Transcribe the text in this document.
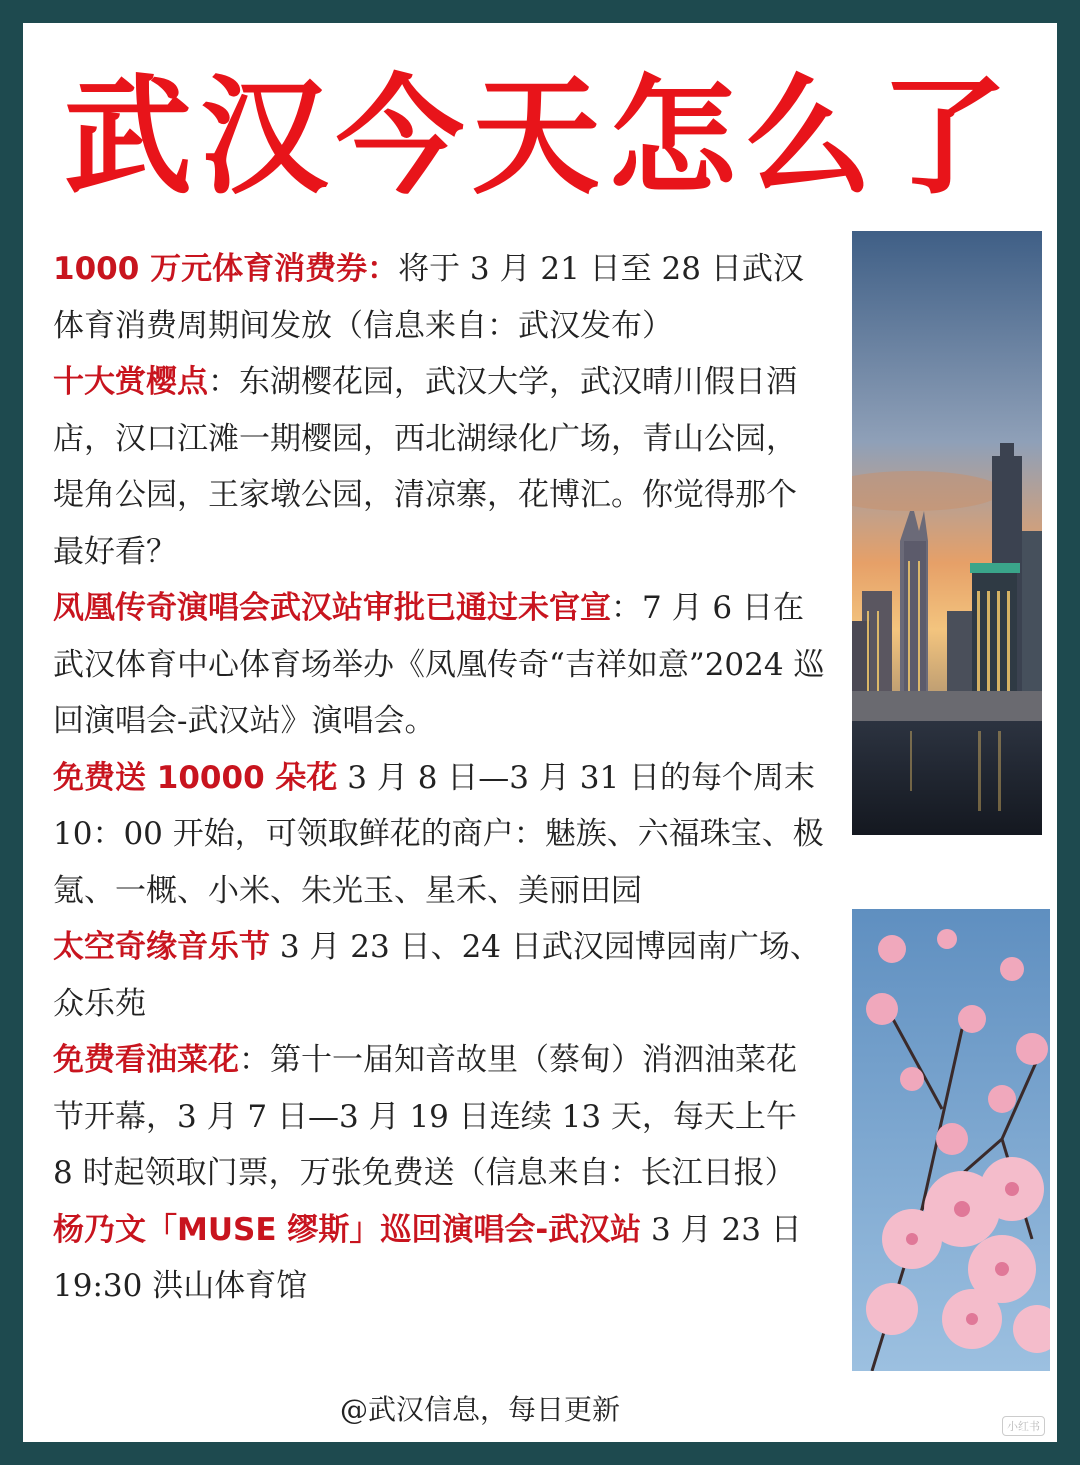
武汉今天怎么了

1000 万元体育消费券：将于 3 月 21 日至 28 日武汉体育消费周期间发放（信息来自：武汉发布）

十大赏樱点：东湖樱花园，武汉大学，武汉晴川假日酒店，汉口江滩一期樱园，西北湖绿化广场，青山公园，堤角公园，王家墩公园，清凉寨，花博汇。你觉得那个最好看？

凤凰传奇演唱会武汉站审批已通过未官宣：7 月 6 日在武汉体育中心体育场举办《凤凰传奇“吉祥如意”2024 巡回演唱会-武汉站》演唱会。

免费送 10000 朵花 3 月 8 日—3 月 31 日的每个周末 10：00 开始，可领取鲜花的商户：魅族、六福珠宝、极氪、一概、小米、朱光玉、星禾、美丽田园

太空奇缘音乐节 3 月 23 日、24 日武汉园博园南广场、众乐苑

免费看油菜花：第十一届知音故里（蔡甸）消泗油菜花节开幕，3 月 7 日—3 月 19 日连续 13 天，每天上午 8 时起领取门票，万张免费送（信息来自：长江日报）

杨乃文「MUSE 缪斯」巡回演唱会-武汉站 3 月 23 日 19:30 洪山体育馆

@武汉信息，每日更新
小红书
